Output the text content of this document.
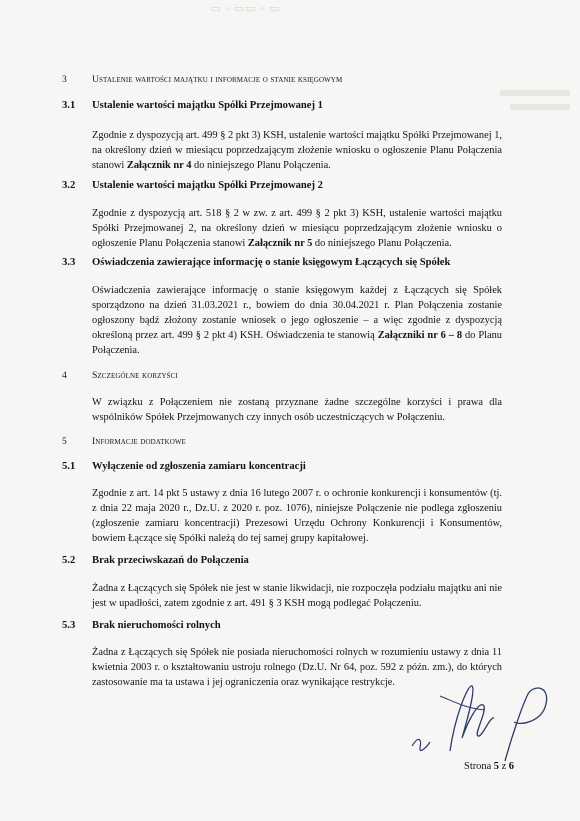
▭ ◦ ▭▭ ◦ ▭
3	Ustalenie wartości majątku i informacje o stanie księgowym
3.1 Ustalenie wartości majątku Spółki Przejmowanej 1

Zgodnie z dyspozycją art. 499 § 2 pkt 3) KSH, ustalenie wartości majątku Spółki Przejmowanej 1, na określony dzień w miesiącu poprzedzającym złożenie wniosku o ogłoszenie Planu Połączenia stanowi Załącznik nr 4 do niniejszego Planu Połączenia.

3.2 Ustalenie wartości majątku Spółki Przejmowanej 2

Zgodnie z dyspozycją art. 518 § 2 w zw. z art. 499 § 2 pkt 3) KSH, ustalenie wartości majątku Spółki Przejmowanej 2, na określony dzień w miesiącu poprzedzającym złożenie wniosku o ogłoszenie Planu Połączenia stanowi Załącznik nr 5 do niniejszego Planu Połączenia.

3.3 Oświadczenia zawierające informację o stanie księgowym Łączących się Spółek

Oświadczenia zawierające informację o stanie księgowym każdej z Łączących się Spółek sporządzono na dzień 31.03.2021 r., bowiem do dnia 30.04.2021 r. Plan Połączenia zostanie ogłoszony bądź złożony zostanie wniosek o jego ogłoszenie – a więc zgodnie z dyspozycją określoną przez art. 499 § 2 pkt 4) KSH. Oświadczenia te stanowią Załączniki nr 6 – 8 do Planu Połączenia.

4	Szczególne korzyści

W związku z Połączeniem nie zostaną przyznane żadne szczególne korzyści i prawa dla wspólników Spółek Przejmowanych czy innych osób uczestniczących w Połączeniu.

5	Informacje dodatkowe
5.1 Wyłączenie od zgłoszenia zamiaru koncentracji

Zgodnie z art. 14 pkt 5 ustawy z dnia 16 lutego 2007 r. o ochronie konkurencji i konsumentów (tj. z dnia 22 maja 2020 r., Dz.U. z 2020 r. poz. 1076), niniejsze Połączenie nie podlega zgłoszeniu (zgłoszenie zamiaru koncentracji) Prezesowi Urzędu Ochrony Konkurencji i Konsumentów, bowiem Łączące się Spółki należą do tej samej grupy kapitałowej.

5.2 Brak przeciwskazań do Połączenia

Żadna z Łączących się Spółek nie jest w stanie likwidacji, nie rozpoczęła podziału majątku ani nie jest w upadłości, zatem zgodnie z art. 491 § 3 KSH mogą podlegać Połączeniu.

5.3 Brak nieruchomości rolnych

Żadna z Łączących się Spółek nie posiada nieruchomości rolnych w rozumieniu ustawy z dnia 11 kwietnia 2003 r. o kształtowaniu ustroju rolnego (Dz.U. Nr 64, poz. 592 z późn. zm.), do których zastosowanie ma ta ustawa i jej ograniczenia oraz wynikające restrykcje.

Strona 5 z 6
